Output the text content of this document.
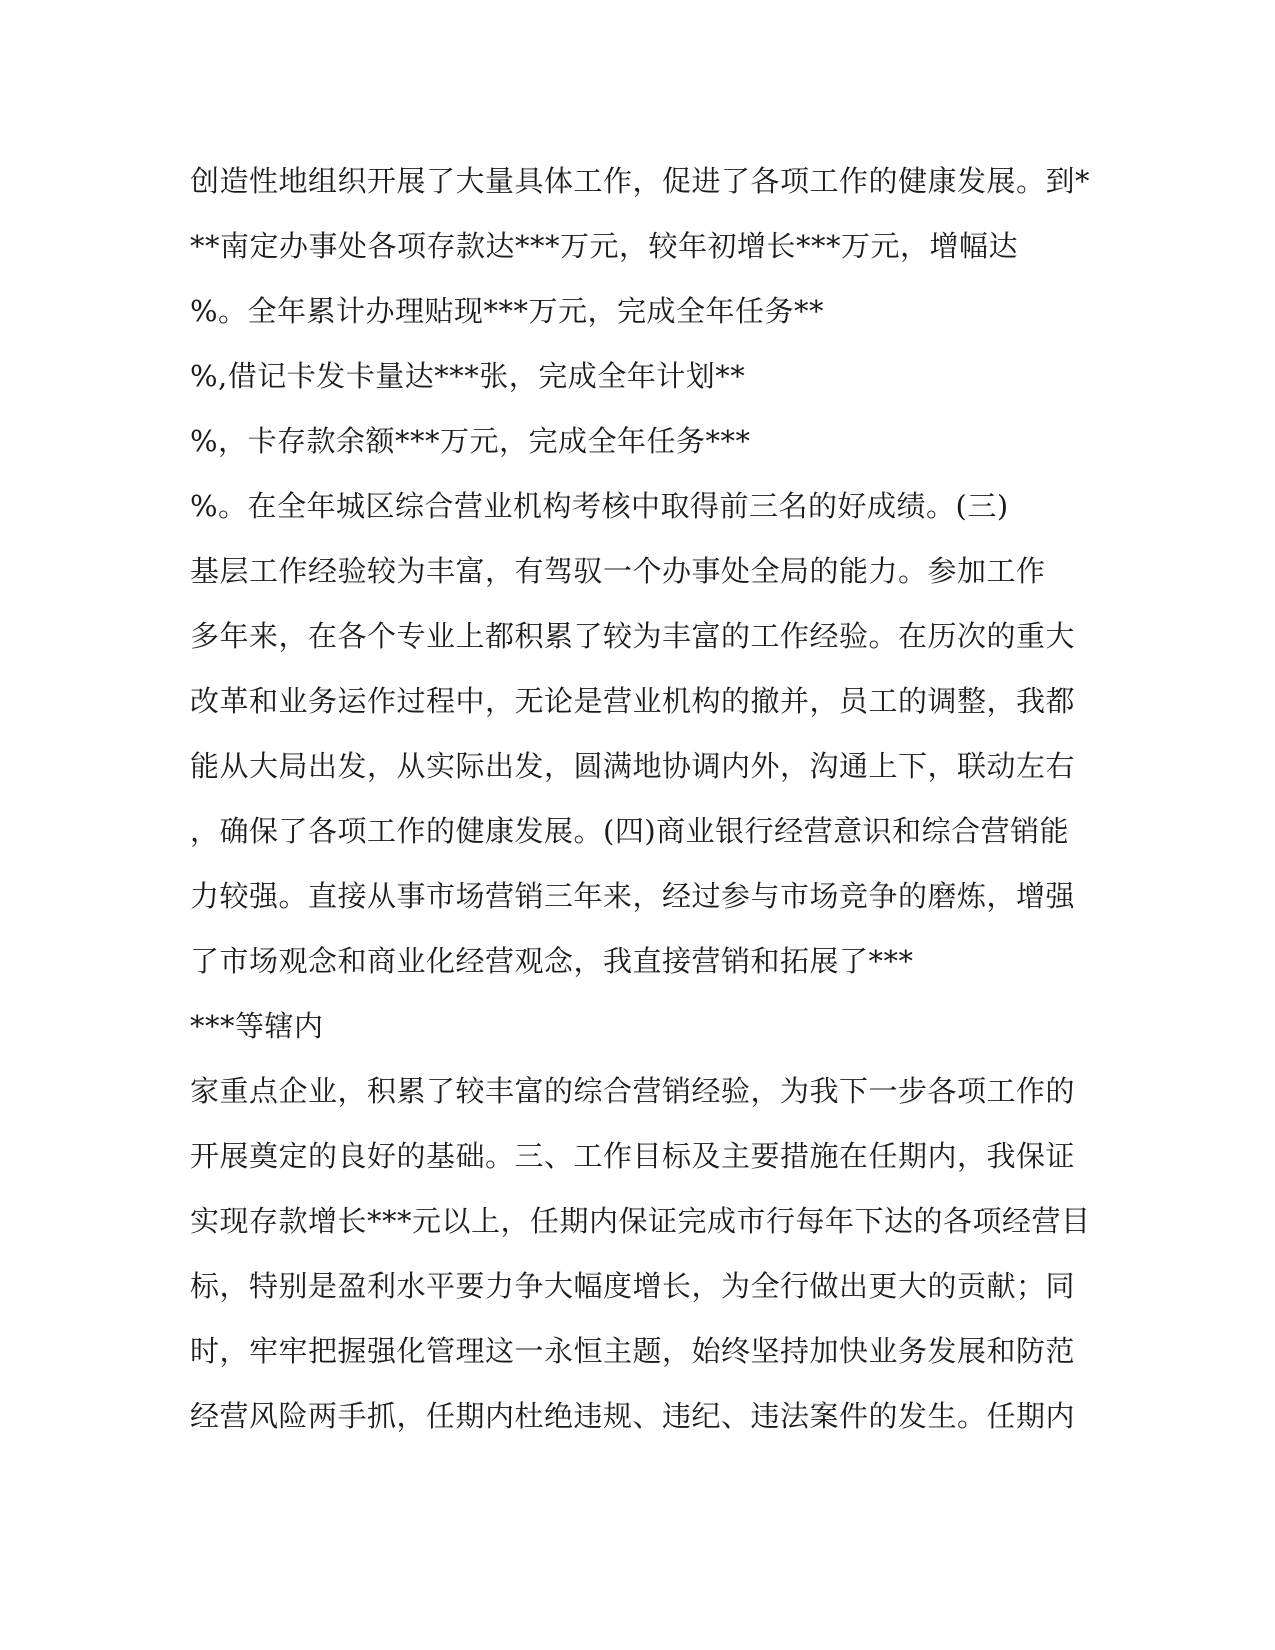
创造性地组织开展了大量具体工作，促进了各项工作的健康发展。到*
**南定办事处各项存款达***万元，较年初增长***万元，增幅达
%。全年累计办理贴现***万元，完成全年任务**
%,借记卡发卡量达***张，完成全年计划**
%，卡存款余额***万元，完成全年任务***
%。在全年城区综合营业机构考核中取得前三名的好成绩。(三)
基层工作经验较为丰富，有驾驭一个办事处全局的能力。参加工作
多年来，在各个专业上都积累了较为丰富的工作经验。在历次的重大
改革和业务运作过程中，无论是营业机构的撤并，员工的调整，我都
能从大局出发，从实际出发，圆满地协调内外，沟通上下，联动左右
，确保了各项工作的健康发展。(四)商业银行经营意识和综合营销能
力较强。直接从事市场营销三年来，经过参与市场竞争的磨炼，增强
了市场观念和商业化经营观念，我直接营销和拓展了***
***等辖内
家重点企业，积累了较丰富的综合营销经验，为我下一步各项工作的
开展奠定的良好的基础。三、工作目标及主要措施在任期内，我保证
实现存款增长***元以上，任期内保证完成市行每年下达的各项经营目
标，特别是盈利水平要力争大幅度增长，为全行做出更大的贡献；同
时，牢牢把握强化管理这一永恒主题，始终坚持加快业务发展和防范
经营风险两手抓，任期内杜绝违规、违纪、违法案件的发生。任期内
